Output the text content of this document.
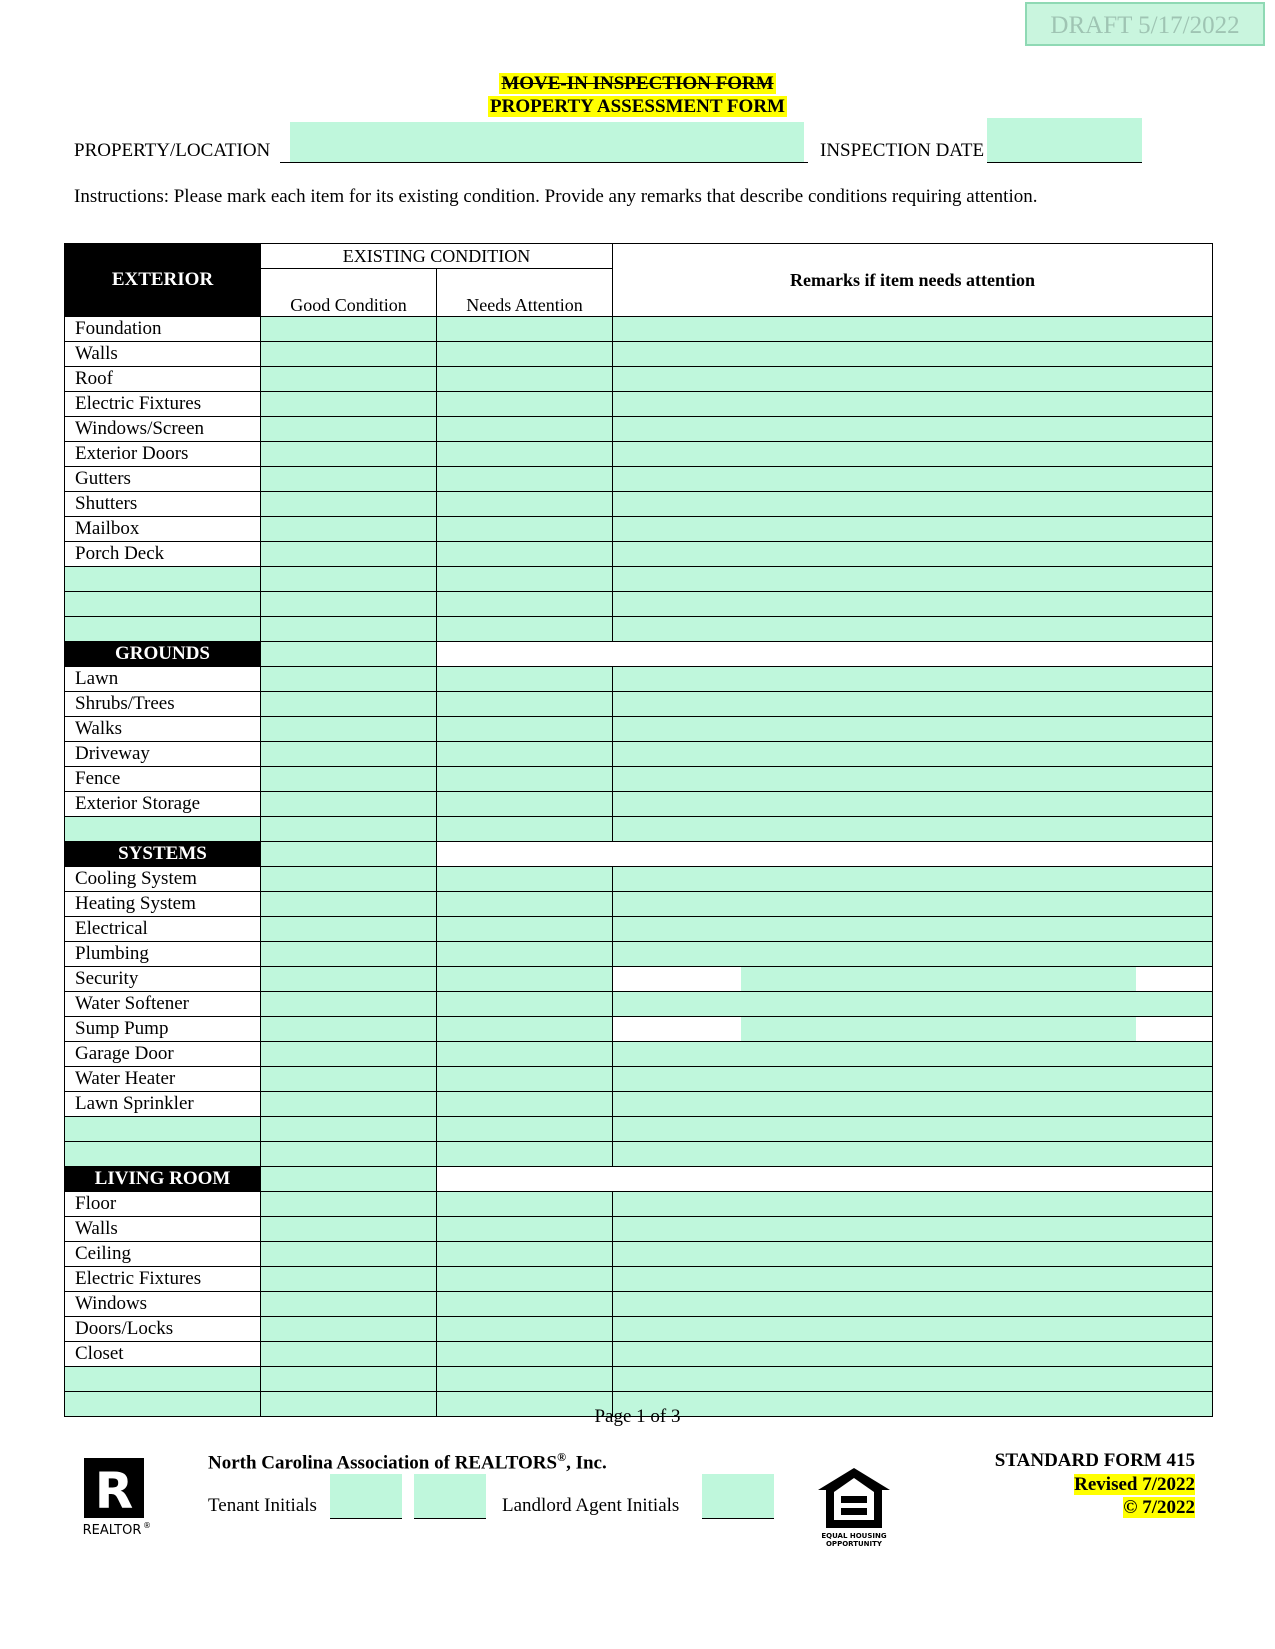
DRAFT 5/17/2022
MOVE-IN INSPECTION FORM
PROPERTY ASSESSMENT FORM
PROPERTY/LOCATION	INSPECTION DATE
Instructions: Please mark each item for its existing condition. Provide any remarks that describe conditions requiring attention.
EXTERIOR	EXISTING CONDITION		Remarks if item needs attention
	Good Condition	Needs Attention	
Foundation			
Walls			
Roof			
Electric Fixtures			
Windows/Screen			
Exterior Doors			
Gutters			
Shutters			
Mailbox			
Porch Deck			

GROUNDS			
Lawn			
Shrubs/Trees			
Walks			
Driveway			
Fence			
Exterior Storage			

SYSTEMS			
Cooling System			
Heating System			
Electrical			
Plumbing			
Security			

Water Softener			
Sump Pump			

Garage Door			
Water Heater			
Lawn Sprinkler			

LIVING ROOM			
Floor			
Walls			
Ceiling			
Electric Fixtures			
Windows			
Doors/Locks			
Closet			

Page 1 of 3
R
REALTOR ®
North Carolina Association of REALTORS®, Inc.
Tenant Initials	Landlord Agent Initials
EQUAL HOUSING
OPPORTUNITY
STANDARD FORM 415
Revised 7/2022
© 7/2022
